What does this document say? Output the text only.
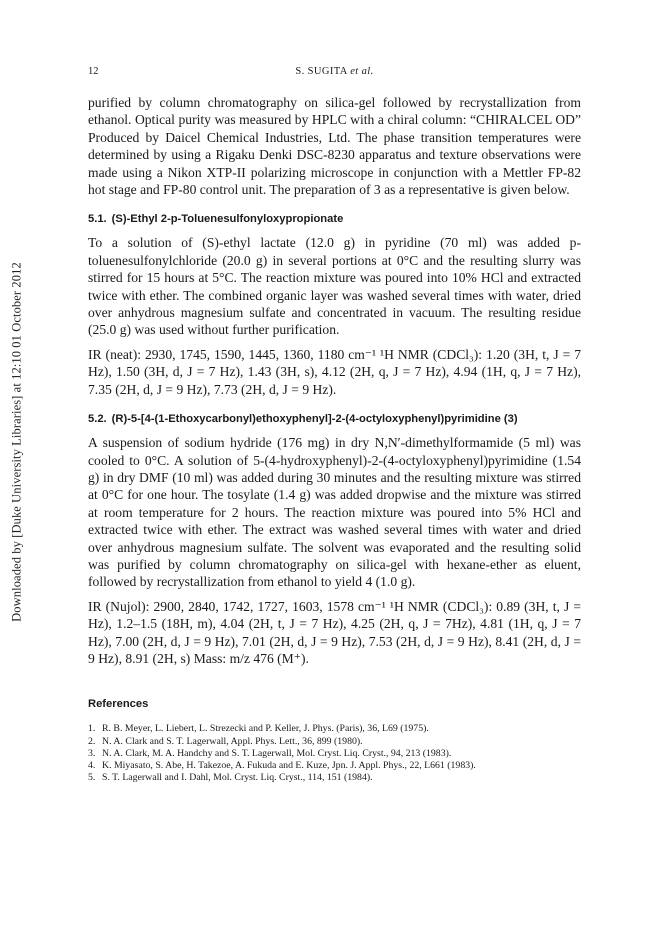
Downloaded by [Duke University Libraries] at 12:10 01 October 2012
12	S. SUGITA et al.

purified by column chromatography on silica-gel followed by recrystallization from ethanol. Optical purity was measured by HPLC with a chiral column: “CHIRALCEL OD” Produced by Daicel Chemical Industries, Ltd. The phase transition temperatures were determined by using a Rigaku Denki DSC-8230 apparatus and texture observations were made using a Nikon XTP-II polarizing microscope in conjunction with a Mettler FP-82 hot stage and FP-80 control unit. The preparation of 3 as a representative is given below.

5.1. (S)-Ethyl 2-p-Toluenesulfonyloxypropionate

To a solution of (S)-ethyl lactate (12.0 g) in pyridine (70 ml) was added p-toluenesulfonylchloride (20.0 g) in several portions at 0°C and the resulting slurry was stirred for 15 hours at 5°C. The reaction mixture was poured into 10% HCl and extracted twice with ether. The combined organic layer was washed several times with water, dried over anhydrous magnesium sulfate and concentrated in vacuum. The resulting residue (25.0 g) was used without further purification.

IR (neat): 2930, 1745, 1590, 1445, 1360, 1180 cm⁻¹ ¹H NMR (CDCl₃): 1.20 (3H, t, J = 7 Hz), 1.50 (3H, d, J = 7 Hz), 1.43 (3H, s), 4.12 (2H, q, J = 7 Hz), 4.94 (1H, q, J = 7 Hz), 7.35 (2H, d, J = 9 Hz), 7.73 (2H, d, J = 9 Hz).

5.2. (R)-5-[4-(1-Ethoxycarbonyl)ethoxyphenyl]-2-(4-octyloxyphenyl)pyrimidine (3)

A suspension of sodium hydride (176 mg) in dry N,N′-dimethylformamide (5 ml) was cooled to 0°C. A solution of 5-(4-hydroxyphenyl)-2-(4-octyloxyphenyl)pyrimidine (1.54 g) in dry DMF (10 ml) was added during 30 minutes and the resulting mixture was stirred at 0°C for one hour. The tosylate (1.4 g) was added dropwise and the mixture was stirred at room temperature for 2 hours. The reaction mixture was poured into 5% HCl and extracted twice with ether. The extract was washed several times with water and dried over anhydrous magnesium sulfate. The solvent was evaporated and the resulting solid was purified by column chromatography on silica-gel with hexane-ether as eluent, followed by recrystallization from ethanol to yield 4 (1.0 g).

IR (Nujol): 2900, 2840, 1742, 1727, 1603, 1578 cm⁻¹ ¹H NMR (CDCl₃): 0.89 (3H, t, J = Hz), 1.2–1.5 (18H, m), 4.04 (2H, t, J = 7 Hz), 4.25 (2H, q, J = 7Hz), 4.81 (1H, q, J = 7 Hz), 7.00 (2H, d, J = 9 Hz), 7.01 (2H, d, J = 9 Hz), 7.53 (2H, d, J = 9 Hz), 8.41 (2H, d, J = 9 Hz), 8.91 (2H, s) Mass: m/z 476 (M⁺).

References
1. R. B. Meyer, L. Liebert, L. Strezecki and P. Keller, J. Phys. (Paris), 36, L69 (1975).
2. N. A. Clark and S. T. Lagerwall, Appl. Phys. Lett., 36, 899 (1980).
3. N. A. Clark, M. A. Handchy and S. T. Lagerwall, Mol. Cryst. Liq. Cryst., 94, 213 (1983).
4. K. Miyasato, S. Abe, H. Takezoe, A. Fukuda and E. Kuze, Jpn. J. Appl. Phys., 22, L661 (1983).
5. S. T. Lagerwall and I. Dahl, Mol. Cryst. Liq. Cryst., 114, 151 (1984).
